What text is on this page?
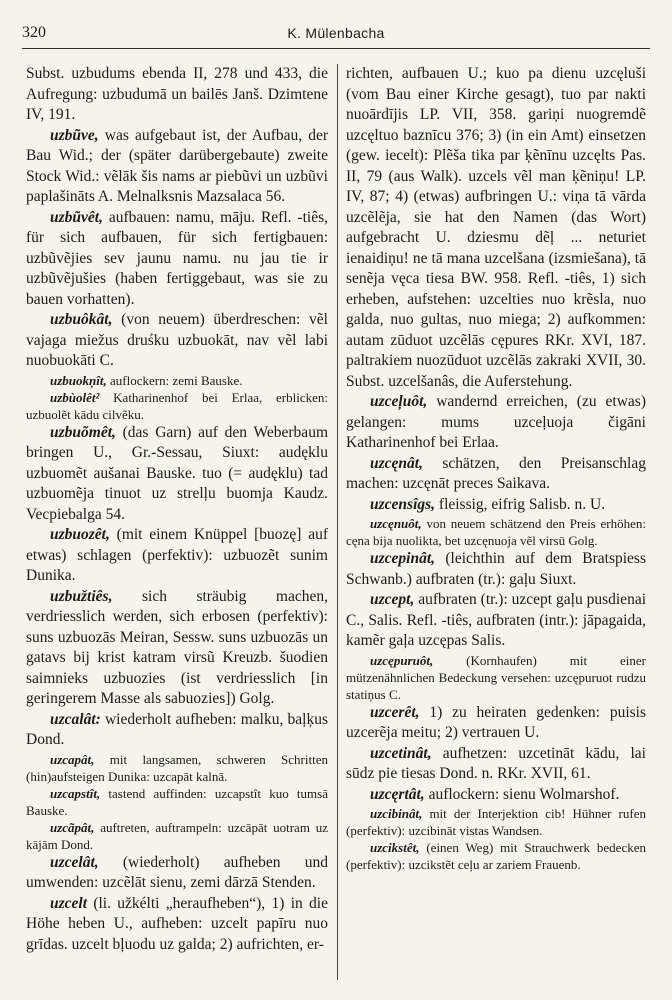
320	K. Mülenbacha

Subst. uzbudums ebenda II, 278 und 433, die Aufregung: uzbudumā un bailēs Janš. Dzimtene IV, 191.

uzbũve, was aufgebaut ist, der Aufbau, der Bau Wid.; der (später darübergebaute) zweite Stock Wid.: vẽlāk šis nams ar piebũvi un uzbũvi paplašināts A. Melnalksnis Mazsalaca 56.

uzbũvêt, aufbauen: namu, māju. Refl. -tiês, für sich aufbauen, für sich fertigbauen: uzbũvẽjies sev jaunu namu. nu jau tie ir uzbũvẽjušies (haben fertiggebaut, was sie zu bauen vorhatten).

uzbuôkât, (von neuem) überdreschen: vẽl vajaga miežus druśku uzbuokāt, nav vẽl labi nuobuokāti C.

uzbuokņît, auflockern: zemi Bauske.

uzbùolêt² Katharinenhof bei Erlaa, erblicken: uzbuolẽt kādu cilvẽku.

uzbuõmêt, (das Garn) auf den Weberbaum bringen U., Gr.-Sessau, Siuxt: audęklu uzbuomẽt aušanai Bauske. tuo (= audęklu) tad uzbuomẽja tinuot uz strelļu buomja Kaudz. Vecpiebalga 54.

uzbuozêt, (mit einem Knüppel [buozę] auf etwas) schlagen (perfektiv): uzbuozẽt sunim Dunika.

uzbužtiês, sich sträubig machen, verdriesslich werden, sich erbosen (perfektiv): suns uzbuozās Meiran, Sessw. suns uzbuozās un gatavs bij krist katram virsũ Kreuzb. šuodien saimnieks uzbuozies (ist verdriesslich [in geringerem Masse als sabuozies]) Golg.

uzcalât: wiederholt aufheben: malku, baļķus Dond.

uzcapât, mit langsamen, schweren Schritten (hin)aufsteigen Dunika: uzcapāt kalnā.

uzcapstît, tastend auffinden: uzcapstît kuo tumsā Bauske.

uzcãpât, auftreten, auftrampeln: uzcāpāt uotram uz kājām Dond.

uzcelât, (wiederholt) aufheben und umwenden: uzcẽlāt sienu, zemi dārzā Stenden.

uzcelt (li. užkélti „heraufheben“), 1) in die Höhe heben U., aufheben: uzcelt papīru nuo grīdas. uzcelt bļuodu uz galda; 2) aufrichten, er-

richten, aufbauen U.; kuo pa dienu uzcęluši (vom Bau einer Kirche gesagt), tuo par nakti nuoārdījis LP. VII, 358. gariņi nuogremdẽ uzcęltuo baznīcu 376; 3) (in ein Amt) einsetzen (gew. iecelt): Plẽša tika par ķẽnīnu uzcęlts Pas. II, 79 (aus Walk). uzcels vẽl man ķẽniņu! LP. IV, 87; 4) (etwas) aufbringen U.: viņa tā vārda uzcẽlẽja, sie hat den Namen (das Wort) aufgebracht U. dziesmu dẽļ ... neturiet ienaidiņu! ne tā mana uzcelšana (izsmiešana), tā senẽja vęca tiesa BW. 958. Refl. -tiês, 1) sich erheben, aufstehen: uzcelties nuo krẽsla, nuo galda, nuo gultas, nuo miega; 2) aufkommen: autam zūduot uzcẽlās cępures RKr. XVI, 187. paltrakiem nuozūduot uzcẽlās zakraki XVII, 30. Subst. uzcelšanâs, die Auferstehung.

uzceļuôt, wandernd erreichen, (zu etwas) gelangen: mums uzceļuoja čigāni Katharinenhof bei Erlaa.

uzcęnât, schätzen, den Preisanschlag machen: uzcęnāt preces Saikava.

uzcensîgs, fleissig, eifrig Salisb. n. U.

uzcęnuôt, von neuem schätzend den Preis erhöhen: cęna bija nuolikta, bet uzcęnuoja vẽl virsū Golg.

uzcepinât, (leichthin auf dem Bratspiess Schwanb.) aufbraten (tr.): gaļu Siuxt.

uzcept, aufbraten (tr.): uzcept gaļu pusdienai C., Salis. Refl. -tiês, aufbraten (intr.): jāpagaida, kamẽr gaļa uzcępas Salis.

uzcępuruôt, (Kornhaufen) mit einer mützenähnlichen Bedeckung versehen: uzcępuruot rudzu statiņus C.

uzcerêt, 1) zu heiraten gedenken: puisis uzcerẽja meitu; 2) vertrauen U.

uzcetinât, aufhetzen: uzcetināt kādu, lai sūdz pie tiesas Dond. n. RKr. XVII, 61.

uzcęrtât, auflockern: sienu Wolmarshof.

uzcibinât, mit der Interjektion cib! Hühner rufen (perfektiv): uzcibināt vistas Wandsen.

uzcikstêt, (einen Weg) mit Strauchwerk bedecken (perfektiv): uzcikstẽt ceļu ar zariem Frauenb.
